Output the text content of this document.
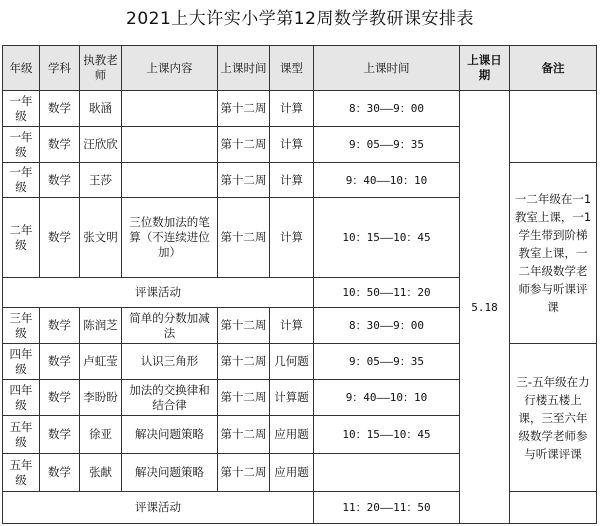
2021上大许实小学第12周数学教研课安排表
年级	学科	执教老师	上课内容	上课时间	课型	上课时间	上课日期	备注	
一年级	数学	耿涵		第十二周	计算	8：30——9：00	5.18		
一年级	数学	汪欣欣		第十二周	计算	9：05——9：35			
一年级	数学	王莎		第十二周	计算	9：40——10：10		一二年级在一1教室上课，一1学生带到阶梯教室上课，一二年级数学老师参与听课评课	
二年级	数学	张文明	三位数加法的笔算（不连续进位加）	第十二周	计算	10：15——10：45			
评课活动						10：50——11：20			
三年级	数学	陈润芝	简单的分数加减法	第十二周	计算	8：30——9：00			
四年级	数学	卢虹莹	认识三角形	第十二周	几何题	9：05——9：35		三-五年级在力行楼五楼上课，三至六年级数学老师参与听课评课	
四年级	数学	李盼盼	加法的交换律和结合律	第十二周	计算题	9：40——10：10			
五年级	数学	徐亚	解决问题策略	第十二周	应用题	10：15——10：45			
五年级	数学	张献	解决问题策略	第十二周	应用题				
评课活动						11：20——11：50			
